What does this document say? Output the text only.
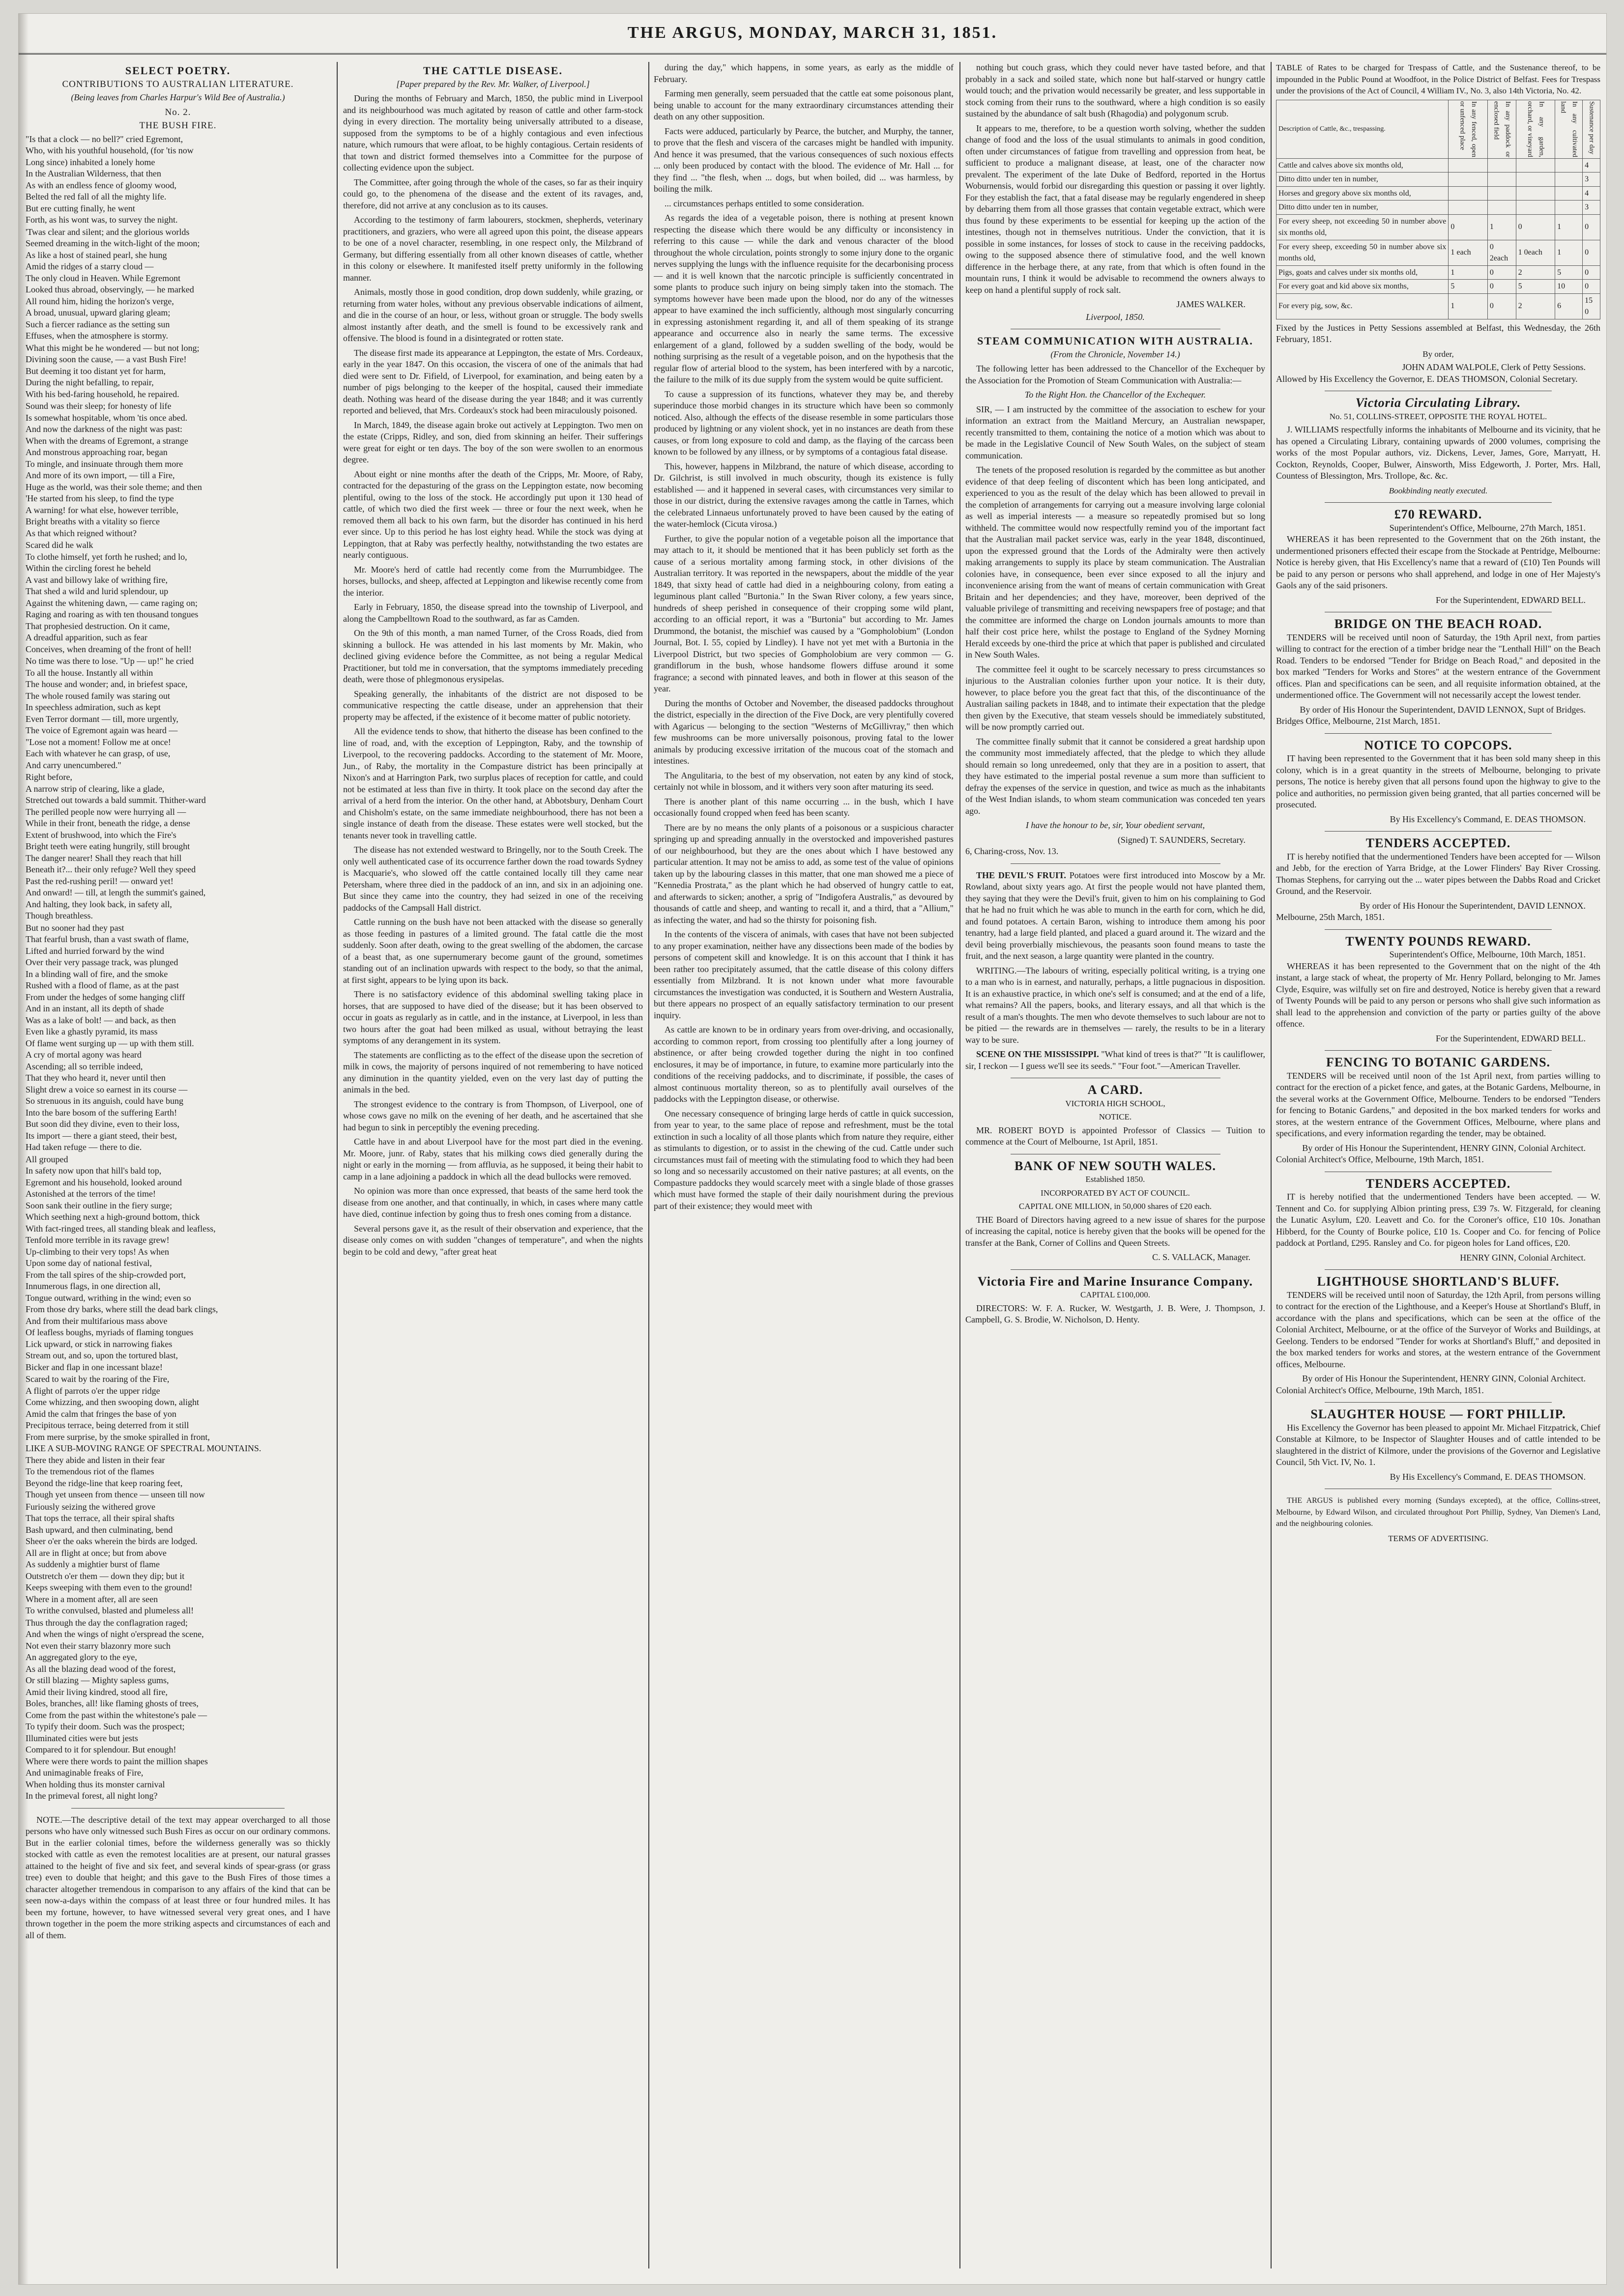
THE ARGUS, MONDAY, MARCH 31, 1851.
SELECT POETRY.
CONTRIBUTIONS TO AUSTRALIAN LITERATURE.
(Being leaves from Charles Harpur's Wild Bee of Australia.)
No. 2.
THE BUSH FIRE.

"Is that a clock — no bell?" cried Egremont,
Who, with his youthful household, (for 'tis now
Long since) inhabited a lonely home
In the Australian Wilderness, that then
As with an endless fence of gloomy wood,
Belted the red fall of all the mighty life.
But ere cutting finally, he went
Forth, as his wont was, to survey the night.

'Twas clear and silent; and the glorious worlds
Seemed dreaming in the witch-light of the moon;
As like a host of stained pearl, she hung
Amid the ridges of a starry cloud —
The only cloud in Heaven. While Egremont
Looked thus abroad, observingly, — he marked
All round him, hiding the horizon's verge,
A broad, unusual, upward glaring gleam;
Such a fiercer radiance as the setting sun
Effuses, when the atmosphere is stormy.

What this might be he wondered — but not long;
Divining soon the cause, — a vast Bush Fire!
But deeming it too distant yet for harm,
During the night befalling, to repair,
With his bed-faring household, he repaired.

Sound was their sleep; for honesty of life
Is somewhat hospitable, whom 'tis once abed.
And now the darkness of the night was past:
When with the dreams of Egremont, a strange
And monstrous approaching roar, began
To mingle, and insinuate through them more
And more of its own import, — till a Fire,
Huge as the world, was their sole theme; and then
'He started from his sleep, to find the type
A warning! for what else, however terrible,
Bright breaths with a vitality so fierce
As that which reigned without?

Scared did he walk
To clothe himself, yet forth he rushed; and lo,
Within the circling forest he beheld
A vast and billowy lake of writhing fire,
That shed a wild and lurid splendour, up
Against the whitening dawn, — came raging on;
Raging and roaring as with ten thousand tongues
That prophesied destruction. On it came,
A dreadful apparition, such as fear
Conceives, when dreaming of the front of hell!

No time was there to lose. "Up — up!" he cried
To all the house. Instantly all within
The house and wonder; and, in briefest space,
The whole roused family was staring out
In speechless admiration, such as kept
Even Terror dormant — till, more urgently,
The voice of Egremont again was heard —
"Lose not a moment! Follow me at once!
Each with whatever he can grasp, of use,
And carry unencumbered."

Right before,
A narrow strip of clearing, like a glade,
Stretched out towards a bald summit. Thither-ward
The perilled people now were hurrying all —
While in their front, beneath the ridge, a dense
Extent of brushwood, into which the Fire's
Bright teeth were eating hungrily, still brought
The danger nearer! Shall they reach that hill
Beneath it?... their only refuge? Well they speed
Past the red-rushing peril! — onward yet!
And onward! — till, at length the summit's gained,
And halting, they look back, in safety all,
Though breathless.

But no sooner had they past
That fearful brush, than a vast swath of flame,
Lifted and hurried forward by the wind
Over their very passage track, was plunged
In a blinding wall of fire, and the smoke
Rushed with a flood of flame, as at the past
From under the hedges of some hanging cliff
And in an instant, all its depth of shade
Was as a lake of bolt! — and back, as then
Even like a ghastly pyramid, its mass
Of flame went surging up — up with them still.
A cry of mortal agony was heard
Ascending; all so terrible indeed,
That they who heard it, never until then
Slight drew a voice so earnest in its course —
So strenuous in its anguish, could have bung
Into the bare bosom of the suffering Earth!
But soon did they divine, even to their loss,
Its import — there a giant steed, their best,
Had taken refuge — there to die.

All grouped
In safety now upon that hill's bald top,
Egremont and his household, looked around
Astonished at the terrors of the time!
Soon sank their outline in the fiery surge;
Which seething next a high-ground bottom, thick
With fact-ringed trees, all standing bleak and leafless,
Tenfold more terrible in its ravage grew!
Up-climbing to their very tops! As when
Upon some day of national festival,
From the tall spires of the ship-crowded port,
Innumerous flags, in one direction all,
Tongue outward, writhing in the wind; even so
From those dry barks, where still the dead bark clings,
And from their multifarious mass above
Of leafless boughs, myriads of flaming tongues
Lick upward, or stick in narrowing fiakes
Stream out, and so, upon the tortured blast,
Bicker and flap in one incessant blaze!

Scared to wait by the roaring of the Fire,
A flight of parrots o'er the upper ridge
Come whizzing, and then swooping down, alight
Amid the calm that fringes the base of yon
Precipitous terrace, being deterred from it still
From mere surprise, by the smoke spiralled in front,
LIKE A SUB-MOVING RANGE OF SPECTRAL MOUNTAINS.
There they abide and listen in their fear
To the tremendous riot of the flames
Beyond the ridge-line that keep roaring feet,
Though yet unseen from thence — unseen till now

Furiously seizing the withered grove
That tops the terrace, all their spiral shafts
Bash upward, and then culminating, bend
Sheer o'er the oaks wherein the birds are lodged.
All are in flight at once; but from above
As suddenly a mightier burst of flame
Outstretch o'er them — down they dip; but it
Keeps sweeping with them even to the ground!
Where in a moment after, all are seen
To writhe convulsed, blasted and plumeless all!

Thus through the day the conflagration raged;
And when the wings of night o'erspread the scene,
Not even their starry blazonry more such
An aggregated glory to the eye,
As all the blazing dead wood of the forest,
Or still blazing — Mighty sapless gums,
Amid their living kindred, stood all fire,
Boles, branches, all! like flaming ghosts of trees,
Come from the past within the whitestone's pale —
To typify their doom. Such was the prospect;
Illuminated cities were but jests
Compared to it for splendour. But enough!
Where were there words to paint the million shapes
And unimaginable freaks of Fire,
When holding thus its monster carnival
In the primeval forest, all night long?

NOTE.—The descriptive detail of the text may appear overcharged to all those persons who have only witnessed such Bush Fires as occur on our ordinary commons. But in the earlier colonial times, before the wilderness generally was so thickly stocked with cattle as even the remotest localities are at present, our natural grasses attained to the height of five and six feet, and several kinds of spear-grass (or grass tree) even to double that height; and this gave to the Bush Fires of those times a character altogether tremendous in comparison to any affairs of the kind that can be seen now-a-days within the compass of at least three or four hundred miles. It has been my fortune, however, to have witnessed several very great ones, and I have thrown together in the poem the more striking aspects and circumstances of each and all of them.

THE CATTLE DISEASE.
[Paper prepared by the Rev. Mr. Walker, of Liverpool.]

During the months of February and March, 1850, the public mind in Liverpool and its neighbourhood was much agitated by reason of cattle and other farm-stock dying in every direction. The mortality being universally attributed to a disease, supposed from the symptoms to be of a highly contagious and even infectious nature, which rumours that were afloat, to be highly contagious. Certain residents of that town and district formed themselves into a Committee for the purpose of collecting evidence upon the subject.

The Committee, after going through the whole of the cases, so far as their inquiry could go, to the phenomena of the disease and the extent of its ravages, and, therefore, did not arrive at any conclusion as to its causes.

According to the testimony of farm labourers, stockmen, shepherds, veterinary practitioners, and graziers, who were all agreed upon this point, the disease appears to be one of a novel character, resembling, in one respect only, the Milzbrand of Germany, but differing essentially from all other known diseases of cattle, whether in this colony or elsewhere. It manifested itself pretty uniformly in the following manner.

Animals, mostly those in good condition, drop down suddenly, while grazing, or returning from water holes, without any previous observable indications of ailment, and die in the course of an hour, or less, without groan or struggle. The body swells almost instantly after death, and the smell is found to be excessively rank and offensive. The blood is found in a disintegrated or rotten state.

The disease first made its appearance at Leppington, the estate of Mrs. Cordeaux, early in the year 1847. On this occasion, the viscera of one of the animals that had died were sent to Dr. Fifield, of Liverpool, for examination, and being eaten by a number of pigs belonging to the keeper of the hospital, caused their immediate death. Nothing was heard of the disease during the year 1848; and it was currently reported and believed, that Mrs. Cordeaux's stock had been miraculously poisoned.

In March, 1849, the disease again broke out actively at Leppington. Two men on the estate (Cripps, Ridley, and son, died from skinning an heifer. Their sufferings were great for eight or ten days. The boy of the son were swollen to an enormous degree.

About eight or nine months after the death of the Cripps, Mr. Moore, of Raby, contracted for the depasturing of the grass on the Leppington estate, now becoming plentiful, owing to the loss of the stock. He accordingly put upon it 130 head of cattle, of which two died the first week — three or four the next week, when he removed them all back to his own farm, but the disorder has continued in his herd ever since. Up to this period he has lost eighty head. While the stock was dying at Leppington, that at Raby was perfectly healthy, notwithstanding the two estates are nearly contiguous.

Mr. Moore's herd of cattle had recently come from the Murrumbidgee. The horses, bullocks, and sheep, affected at Leppington and likewise recently come from the interior.

Early in February, 1850, the disease spread into the township of Liverpool, and along the Campbelltown Road to the southward, as far as Camden.

On the 9th of this month, a man named Turner, of the Cross Roads, died from skinning a bullock. He was attended in his last moments by Mr. Makin, who declined giving evidence before the Committee, as not being a regular Medical Practitioner, but told me in conversation, that the symptoms immediately preceding death, were those of phlegmonous erysipelas.

Speaking generally, the inhabitants of the district are not disposed to be communicative respecting the cattle disease, under an apprehension that their property may be affected, if the existence of it become matter of public notoriety.

All the evidence tends to show, that hitherto the disease has been confined to the line of road, and, with the exception of Leppington, Raby, and the township of Liverpool, to the recovering paddocks. According to the statement of Mr. Moore, Jun., of Raby, the mortality in the Compasture district has been principally at Nixon's and at Harrington Park, two surplus places of reception for cattle, and could not be estimated at less than five in thirty. It took place on the second day after the arrival of a herd from the interior. On the other hand, at Abbotsbury, Denham Court and Chisholm's estate, on the same immediate neighbourhood, there has not been a single instance of death from the disease. These estates were well stocked, but the tenants never took in travelling cattle.

The disease has not extended westward to Bringelly, nor to the South Creek. The only well authenticated case of its occurrence farther down the road towards Sydney is Macquarie's, who slowed off the cattle contained locally till they came near Petersham, where three died in the paddock of an inn, and six in an adjoining one. But since they came into the country, they had seized in one of the receiving paddocks of the Campsall Hall district.

Cattle running on the bush have not been attacked with the disease so generally as those feeding in pastures of a limited ground. The fatal cattle die the most suddenly. Soon after death, owing to the great swelling of the abdomen, the carcase of a beast that, as one supernumerary become gaunt of the ground, sometimes standing out of an inclination upwards with respect to the body, so that the animal, at first sight, appears to be lying upon its back.

There is no satisfactory evidence of this abdominal swelling taking place in horses, that are supposed to have died of the disease; but it has been observed to occur in goats as regularly as in cattle, and in the instance, at Liverpool, in less than two hours after the goat had been milked as usual, without betraying the least symptoms of any derangement in its system.

The statements are conflicting as to the effect of the disease upon the secretion of milk in cows, the majority of persons inquired of not remembering to have noticed any diminution in the quantity yielded, even on the very last day of putting the animals in the bed.

The strongest evidence to the contrary is from Thompson, of Liverpool, one of whose cows gave no milk on the evening of her death, and he ascertained that she had begun to sink in perceptibly the evening preceding.

Cattle have in and about Liverpool have for the most part died in the evening. Mr. Moore, junr. of Raby, states that his milking cows died generally during the night or early in the morning — from affluvia, as he supposed, it being their habit to camp in a lane adjoining a paddock in which all the dead bullocks were removed.

No opinion was more than once expressed, that beasts of the same herd took the disease from one another, and that continually, in which, in cases where many cattle have died, continue infection by going thus to fresh ones coming from a distance.

Several persons gave it, as the result of their observation and experience, that the disease only comes on with sudden "changes of temperature", and when the nights begin to be cold and dewy, "after great heat

during the day," which happens, in some years, as early as the middle of February.

Farming men generally, seem persuaded that the cattle eat some poisonous plant, being unable to account for the many extraordinary circumstances attending their death on any other supposition.

Facts were adduced, particularly by Pearce, the butcher, and Murphy, the tanner, to prove that the flesh and viscera of the carcases might be handled with impunity. And hence it was presumed, that the various consequences of such noxious effects ... only been produced by contact with the blood. The evidence of Mr. Hall ... for they find ... "the flesh, when ... dogs, but when boiled, did ... was harmless, by boiling the milk.

... circumstances perhaps entitled to some consideration.

As regards the idea of a vegetable poison, there is nothing at present known respecting the disease which there would be any difficulty or inconsistency in referring to this cause — while the dark and venous character of the blood throughout the whole circulation, points strongly to some injury done to the organic nerves supplying the lungs with the influence requisite for the decarbonising process — and it is well known that the narcotic principle is sufficiently concentrated in some plants to produce such injury on being simply taken into the stomach. The symptoms however have been made upon the blood, nor do any of the witnesses appear to have examined the inch sufficiently, although most singularly concurring in expressing astonishment regarding it, and all of them speaking of its strange appearance and occurrence also in nearly the same terms. The excessive enlargement of a gland, followed by a sudden swelling of the body, would be nothing surprising as the result of a vegetable poison, and on the hypothesis that the regular flow of arterial blood to the system, has been interfered with by a narcotic, the failure to the milk of its due supply from the system would be quite sufficient.

To cause a suppression of its functions, whatever they may be, and thereby superinduce those morbid changes in its structure which have been so commonly noticed. Also, although the effects of the disease resemble in some particulars those produced by lightning or any violent shock, yet in no instances are death from these causes, or from long exposure to cold and damp, as the flaying of the carcass been known to be followed by any illness, or by symptoms of a contagious fatal disease.

This, however, happens in Milzbrand, the nature of which disease, according to Dr. Gilchrist, is still involved in much obscurity, though its existence is fully established — and it happened in several cases, with circumstances very similar to those in our district, during the extensive ravages among the cattle in Tarnes, which the celebrated Linnaeus unfortunately proved to have been caused by the eating of the water-hemlock (Cicuta virosa.)

Further, to give the popular notion of a vegetable poison all the importance that may attach to it, it should be mentioned that it has been publicly set forth as the cause of a serious mortality among farming stock, in other divisions of the Australian territory. It was reported in the newspapers, about the middle of the year 1849, that sixty head of cattle had died in a neighbouring colony, from eating a leguminous plant called "Burtonia." In the Swan River colony, a few years since, hundreds of sheep perished in consequence of their cropping some wild plant, according to an official report, it was a "Burtonia" but according to Mr. James Drummond, the botanist, the mischief was caused by a "Gompholobium" (London Journal, Bot. I. 55, copied by Lindley). I have not yet met with a Burtonia in the Liverpool District, but two species of Gompholobium are very common — G. grandiflorum in the bush, whose handsome flowers diffuse around it some fragrance; a second with pinnated leaves, and both in flower at this season of the year.

During the months of October and November, the diseased paddocks throughout the district, especially in the direction of the Five Dock, are very plentifully covered with Agaricus — belonging to the section "Westerns of McGillivray," then which few mushrooms can be more universally poisonous, proving fatal to the lower animals by producing excessive irritation of the mucous coat of the stomach and intestines.

The Angulitaria, to the best of my observation, not eaten by any kind of stock, certainly not while in blossom, and it withers very soon after maturing its seed.

There is another plant of this name occurring ... in the bush, which I have occasionally found cropped when feed has been scanty.

There are by no means the only plants of a poisonous or a suspicious character springing up and spreading annually in the overstocked and impoverished pastures of our neighbourhood, but they are the ones about which I have bestowed any particular attention. It may not be amiss to add, as some test of the value of opinions taken up by the labouring classes in this matter, that one man showed me a piece of "Kennedia Prostrata," as the plant which he had observed of hungry cattle to eat, and afterwards to sicken; another, a sprig of "Indigofera Australis," as devoured by thousands of cattle and sheep, and wanting to recall it, and a third, that a "Allium," as infecting the water, and had so the thirsty for poisoning fish.

In the contents of the viscera of animals, with cases that have not been subjected to any proper examination, neither have any dissections been made of the bodies by persons of competent skill and knowledge. It is on this account that I think it has been rather too precipitately assumed, that the cattle disease of this colony differs essentially from Milzbrand. It is not known under what more favourable circumstances the investigation was conducted, it is Southern and Western Australia, but there appears no prospect of an equally satisfactory termination to our present inquiry.

As cattle are known to be in ordinary years from over-driving, and occasionally, according to common report, from crossing too plentifully after a long journey of abstinence, or after being crowded together during the night in too confined enclosures, it may be of importance, in future, to examine more particularly into the conditions of the receiving paddocks, and to discriminate, if possible, the cases of almost continuous mortality thereon, so as to plentifully avail ourselves of the paddocks with the Leppington disease, or otherwise.

One necessary consequence of bringing large herds of cattle in quick succession, from year to year, to the same place of repose and refreshment, must be the total extinction in such a locality of all those plants which from nature they require, either as stimulants to digestion, or to assist in the chewing of the cud. Cattle under such circumstances must fail of meeting with the stimulating food to which they had been so long and so necessarily accustomed on their native pastures; at all events, on the Compasture paddocks they would scarcely meet with a single blade of those grasses which must have formed the staple of their daily nourishment during the previous part of their existence; they would meet with

nothing but couch grass, which they could never have tasted before, and that probably in a sack and soiled state, which none but half-starved or hungry cattle would touch; and the privation would necessarily be greater, and less supportable in stock coming from their runs to the southward, where a high condition is so easily sustained by the abundance of salt bush (Rhagodia) and polygonum scrub.

It appears to me, therefore, to be a question worth solving, whether the sudden change of food and the loss of the usual stimulants to animals in good condition, often under circumstances of fatigue from travelling and oppression from heat, be sufficient to produce a malignant disease, at least, one of the character now prevalent. The experiment of the late Duke of Bedford, reported in the Hortus Woburnensis, would forbid our disregarding this question or passing it over lightly. For they establish the fact, that a fatal disease may be regularly engendered in sheep by debarring them from all those grasses that contain vegetable extract, which were thus found by these experiments to be essential for keeping up the action of the intestines, though not in themselves nutritious. Under the conviction, that it is possible in some instances, for losses of stock to cause in the receiving paddocks, owing to the supposed absence there of stimulative food, and the well known difference in the herbage there, at any rate, from that which is often found in the mountain runs, I think it would be advisable to recommend the owners always to keep on hand a plentiful supply of rock salt.

JAMES WALKER.
Liverpool, 1850.
STEAM COMMUNICATION WITH AUSTRALIA.
(From the Chronicle, November 14.)

The following letter has been addressed to the Chancellor of the Exchequer by the Association for the Promotion of Steam Communication with Australia:—

To the Right Hon. the Chancellor of the Exchequer.

SIR, — I am instructed by the committee of the association to eschew for your information an extract from the Maitland Mercury, an Australian newspaper, recently transmitted to them, containing the notice of a motion which was about to be made in the Legislative Council of New South Wales, on the subject of steam communication.

The tenets of the proposed resolution is regarded by the committee as but another evidence of that deep feeling of discontent which has been long anticipated, and experienced to you as the result of the delay which has been allowed to prevail in the completion of arrangements for carrying out a measure involving large colonial as well as imperial interests — a measure so repeatedly promised but so long withheld. The committee would now respectfully remind you of the important fact that the Australian mail packet service was, early in the year 1848, discontinued, upon the expressed ground that the Lords of the Admiralty were then actively making arrangements to supply its place by steam communication. The Australian colonies have, in consequence, been ever since exposed to all the injury and inconvenience arising from the want of means of certain communication with Great Britain and her dependencies; and they have, moreover, been deprived of the valuable privilege of transmitting and receiving newspapers free of postage; and that the committee are informed the charge on London journals amounts to more than half their cost price here, whilst the postage to England of the Sydney Morning Herald exceeds by one-third the price at which that paper is published and circulated in New South Wales.

The committee feel it ought to be scarcely necessary to press circumstances so injurious to the Australian colonies further upon your notice. It is their duty, however, to place before you the great fact that this, of the discontinuance of the Australian sailing packets in 1848, and to intimate their expectation that the pledge then given by the Executive, that steam vessels should be immediately substituted, will be now promptly carried out.

The committee finally submit that it cannot be considered a great hardship upon the community most immediately affected, that the pledge to which they allude should remain so long unredeemed, only that they are in a position to assert, that they have estimated to the imperial postal revenue a sum more than sufficient to defray the expenses of the service in question, and twice as much as the inhabitants of the West Indian islands, to whom steam communication was conceded ten years ago.

I have the honour to be, sir, Your obedient servant,
(Signed) T. SAUNDERS, Secretary.
6, Charing-cross, Nov. 13.

THE DEVIL'S FRUIT. Potatoes were first introduced into Moscow by a Mr. Rowland, about sixty years ago. At first the people would not have planted them, they saying that they were the Devil's fruit, given to him on his complaining to God that he had no fruit which he was able to munch in the earth for corn, which he did, and found potatoes. A certain Baron, wishing to introduce them among his poor tenantry, had a large field planted, and placed a guard around it. The wizard and the devil being proverbially mischievous, the peasants soon found means to taste the fruit, and the next season, a large quantity were planted in the country.

WRITING.—The labours of writing, especially political writing, is a trying one to a man who is in earnest, and naturally, perhaps, a little pugnacious in disposition. It is an exhaustive practice, in which one's self is consumed; and at the end of a life, what remains? All the papers, books, and literary essays, and all that which is the result of a man's thoughts. The men who devote themselves to such labour are not to be pitied — the rewards are in themselves — rarely, the results to be in a literary way to be sure.

SCENE ON THE MISSISSIPPI. "What kind of trees is that?" "It is cauliflower, sir, I reckon — I guess we'll see its seeds." "Four foot."—American Traveller.

A CARD.
VICTORIA HIGH SCHOOL,
NOTICE.

MR. ROBERT BOYD is appointed Professor of Classics — Tuition to commence at the Court of Melbourne, 1st April, 1851.

BANK OF NEW SOUTH WALES.
Established 1850.
INCORPORATED BY ACT OF COUNCIL.
CAPITAL ONE MILLION, in 50,000 shares of £20 each.

THE Board of Directors having agreed to a new issue of shares for the purpose of increasing the capital, notice is hereby given that the books will be opened for the transfer at the Bank, Corner of Collins and Queen Streets.

C. S. VALLACK, Manager.
Victoria Fire and Marine Insurance Company.
CAPITAL £100,000.

DIRECTORS: W. F. A. Rucker, W. Westgarth, J. B. Were, J. Thompson, J. Campbell, G. S. Brodie, W. Nicholson, D. Henty.

TABLE of Rates to be charged for Trespass of Cattle, and the Sustenance thereof, to be impounded in the Public Pound at Woodfoot, in the Police District of Belfast. Fees for Trespass under the provisions of the Act of Council, 4 William IV., No. 3, also 14th Victoria, No. 42.

Description of Cattle, &c., trespassing.	In any fenced, open or unfenced place	In any paddock or enclosed field	In any garden, orchard, or vineyard	In any cultivated land	Sustenance per day
Cattle and calves above six months old,					4
Ditto ditto under ten in number,					3
Horses and gregory above six months old,					4
Ditto ditto under ten in number,					3
For every sheep, not exceeding 50 in number above six months old,	0	1	0	1	0
For every sheep, exceeding 50 in number above six months old,	1 each	0 2each	1 0each	1	0
Pigs, goats and calves under six months old,	1	0	2	5	0
For every goat and kid above six months,	5	0	5	10	0
For every pig, sow, &c.	1	0	2	6	15 0

Fixed by the Justices in Petty Sessions assembled at Belfast, this Wednesday, the 26th February, 1851.

By order,
JOHN ADAM WALPOLE, Clerk of Petty Sessions.

Allowed by His Excellency the Governor, E. DEAS THOMSON, Colonial Secretary.

Victoria Circulating Library.
No. 51, COLLINS-STREET, OPPOSITE THE ROYAL HOTEL.

J. WILLIAMS respectfully informs the inhabitants of Melbourne and its vicinity, that he has opened a Circulating Library, containing upwards of 2000 volumes, comprising the works of the most Popular authors, viz. Dickens, Lever, James, Gore, Marryatt, H. Cockton, Reynolds, Cooper, Bulwer, Ainsworth, Miss Edgeworth, J. Porter, Mrs. Hall, Countess of Blessington, Mrs. Trollope, &c. &c.

Bookbinding neatly executed.
£70 REWARD.
Superintendent's Office, Melbourne, 27th March, 1851.

WHEREAS it has been represented to the Government that on the 26th instant, the undermentioned prisoners effected their escape from the Stockade at Pentridge, Melbourne: Notice is hereby given, that His Excellency's name that a reward of (£10) Ten Pounds will be paid to any person or persons who shall apprehend, and lodge in one of Her Majesty's Gaols any of the said prisoners.

For the Superintendent, EDWARD BELL.
BRIDGE ON THE BEACH ROAD.

TENDERS will be received until noon of Saturday, the 19th April next, from parties willing to contract for the erection of a timber bridge near the "Lenthall Hill" on the Beach Road. Tenders to be endorsed "Tender for Bridge on Beach Road," and deposited in the box marked "Tenders for Works and Stores" at the western entrance of the Government offices. Plan and specifications can be seen, and all requisite information obtained, at the undermentioned office. The Government will not necessarily accept the lowest tender.

By order of His Honour the Superintendent, DAVID LENNOX, Supt of Bridges.
Bridges Office, Melbourne, 21st March, 1851.
NOTICE TO COPCOPS.

IT having been represented to the Government that it has been sold many sheep in this colony, which is in a great quantity in the streets of Melbourne, belonging to private persons, The notice is hereby given that all persons found upon the highway to give to the police and authorities, no permission given being granted, that all parties concerned will be prosecuted.

By His Excellency's Command, E. DEAS THOMSON.
TENDERS ACCEPTED.

IT is hereby notified that the undermentioned Tenders have been accepted for — Wilson and Jebb, for the erection of Yarra Bridge, at the Lower Flinders' Bay River Crossing. Thomas Stephens, for carrying out the ... water pipes between the Dabbs Road and Cricket Ground, and the Reservoir.

By order of His Honour the Superintendent, DAVID LENNOX.
Melbourne, 25th March, 1851.
TWENTY POUNDS REWARD.
Superintendent's Office, Melbourne, 10th March, 1851.

WHEREAS it has been represented to the Government that on the night of the 4th instant, a large stack of wheat, the property of Mr. Henry Pollard, belonging to Mr. James Clyde, Esquire, was wilfully set on fire and destroyed, Notice is hereby given that a reward of Twenty Pounds will be paid to any person or persons who shall give such information as shall lead to the apprehension and conviction of the party or parties guilty of the above offence.

For the Superintendent, EDWARD BELL.
FENCING TO BOTANIC GARDENS.

TENDERS will be received until noon of the 1st April next, from parties willing to contract for the erection of a picket fence, and gates, at the Botanic Gardens, Melbourne, in the several works at the Government Office, Melbourne. Tenders to be endorsed "Tenders for fencing to Botanic Gardens," and deposited in the box marked tenders for works and stores, at the western entrance of the Government Offices, Melbourne, where plans and specifications, and every information regarding the tender, may be obtained.

By order of His Honour the Superintendent, HENRY GINN, Colonial Architect.
Colonial Architect's Office, Melbourne, 19th March, 1851.
TENDERS ACCEPTED.

IT is hereby notified that the undermentioned Tenders have been accepted. — W. Tennent and Co. for supplying Albion printing press, £39 7s. W. Fitzgerald, for cleaning the Lunatic Asylum, £20. Leavett and Co. for the Coroner's office, £10 10s. Jonathan Hibberd, for the County of Bourke police, £10 1s. Cooper and Co. for fencing of Police paddock at Portland, £295. Ransley and Co. for pigeon holes for Land offices, £20.

HENRY GINN, Colonial Architect.
LIGHTHOUSE SHORTLAND'S BLUFF.

TENDERS will be received until noon of Saturday, the 12th April, from persons willing to contract for the erection of the Lighthouse, and a Keeper's House at Shortland's Bluff, in accordance with the plans and specifications, which can be seen at the office of the Colonial Architect, Melbourne, or at the office of the Surveyor of Works and Buildings, at Geelong. Tenders to be endorsed "Tender for works at Shortland's Bluff," and deposited in the box marked tenders for works and stores, at the western entrance of the Government offices, Melbourne.

By order of His Honour the Superintendent, HENRY GINN, Colonial Architect.
Colonial Architect's Office, Melbourne, 19th March, 1851.
SLAUGHTER HOUSE — FORT PHILLIP.

His Excellency the Governor has been pleased to appoint Mr. Michael Fitzpatrick, Chief Constable at Kilmore, to be Inspector of Slaughter Houses and of cattle intended to be slaughtered in the district of Kilmore, under the provisions of the Governor and Legislative Council, 5th Vict. IV, No. 1.

By His Excellency's Command, E. DEAS THOMSON.

THE ARGUS is published every morning (Sundays excepted), at the office, Collins-street, Melbourne, by Edward Wilson, and circulated throughout Port Phillip, Sydney, Van Diemen's Land, and the neighbouring colonies.

TERMS OF ADVERTISING.
